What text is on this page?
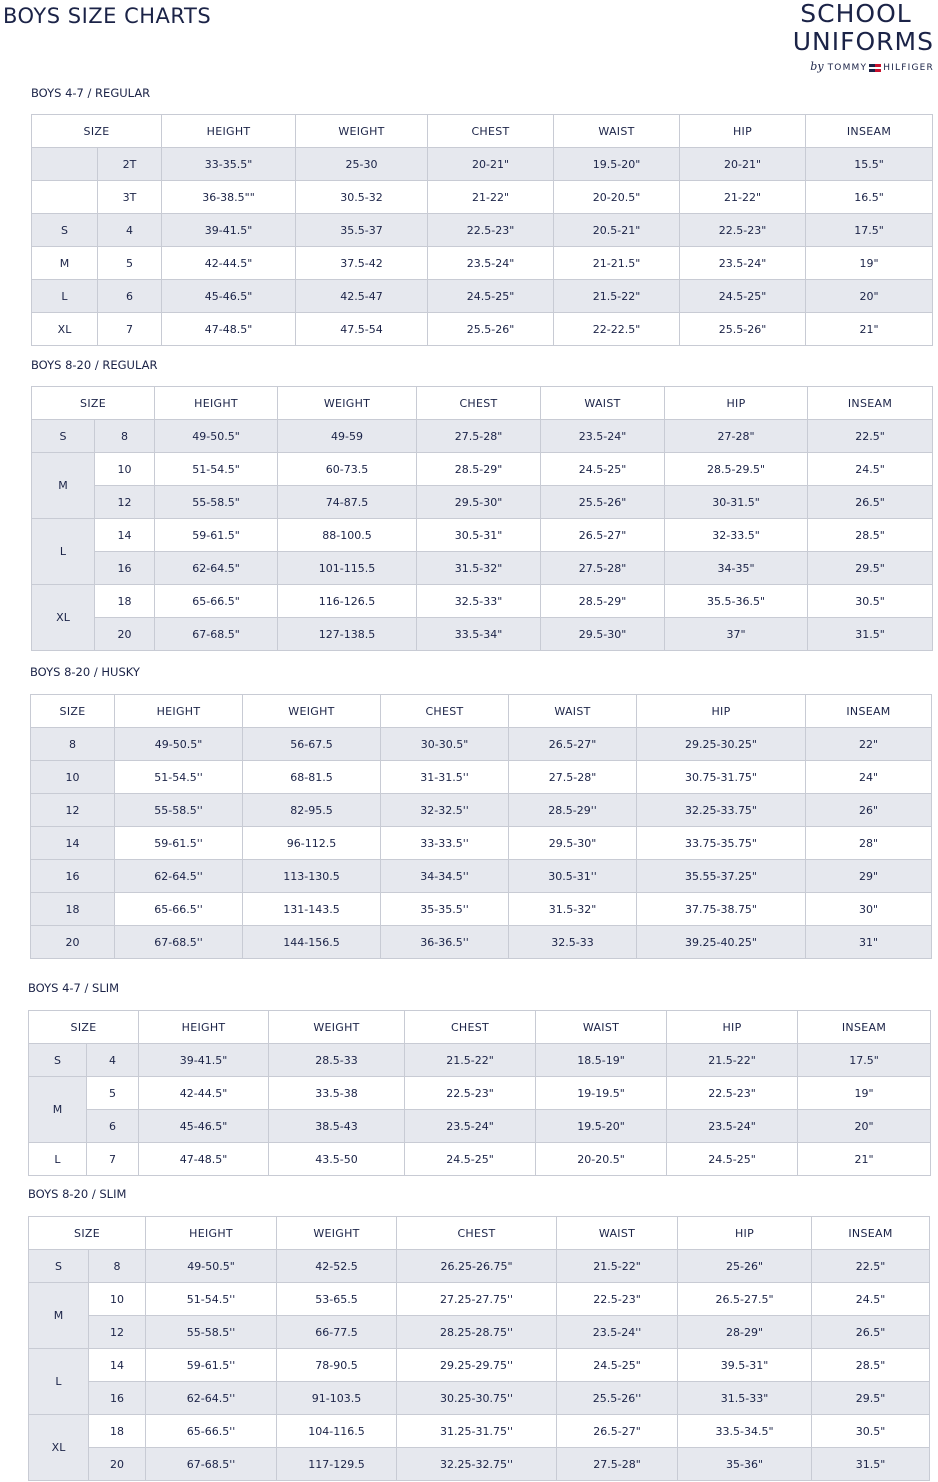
BOYS SIZE CHARTS	SCHOOL
UNIFORMS
by TOMMY HILFIGER
BOYS 4-7 / REGULAR
SIZE		HEIGHT	WEIGHT	CHEST	WAIST	HIP	INSEAM
	2T	33-35.5"	25-30	20-21"	19.5-20"	20-21"	15.5"
	3T	36-38.5""	30.5-32	21-22"	20-20.5"	21-22"	16.5"
S	4	39-41.5"	35.5-37	22.5-23"	20.5-21"	22.5-23"	17.5"
M	5	42-44.5"	37.5-42	23.5-24"	21-21.5"	23.5-24"	19"
L	6	45-46.5"	42.5-47	24.5-25"	21.5-22"	24.5-25"	20"
XL	7	47-48.5"	47.5-54	25.5-26"	22-22.5"	25.5-26"	21"
BOYS 8-20 / REGULAR
SIZE		HEIGHT	WEIGHT	CHEST	WAIST	HIP	INSEAM
S	8	49-50.5"	49-59	27.5-28"	23.5-24"	27-28"	22.5"
M	10	51-54.5"	60-73.5	28.5-29"	24.5-25"	28.5-29.5"	24.5"
	12	55-58.5"	74-87.5	29.5-30"	25.5-26"	30-31.5"	26.5"
L	14	59-61.5"	88-100.5	30.5-31"	26.5-27"	32-33.5"	28.5"
	16	62-64.5"	101-115.5	31.5-32"	27.5-28"	34-35"	29.5"
XL	18	65-66.5"	116-126.5	32.5-33"	28.5-29"	35.5-36.5"	30.5"
	20	67-68.5"	127-138.5	33.5-34"	29.5-30"	37"	31.5"
BOYS 8-20 / HUSKY
SIZE	HEIGHT	WEIGHT	CHEST	WAIST	HIP	INSEAM
8	49-50.5"	56-67.5	30-30.5"	26.5-27"	29.25-30.25"	22"
10	51-54.5''	68-81.5	31-31.5''	27.5-28"	30.75-31.75"	24"
12	55-58.5''	82-95.5	32-32.5''	28.5-29''	32.25-33.75"	26"
14	59-61.5''	96-112.5	33-33.5''	29.5-30"	33.75-35.75"	28"
16	62-64.5''	113-130.5	34-34.5''	30.5-31''	35.55-37.25"	29"
18	65-66.5''	131-143.5	35-35.5''	31.5-32"	37.75-38.75"	30"
20	67-68.5''	144-156.5	36-36.5''	32.5-33	39.25-40.25"	31"
BOYS 4-7 / SLIM
SIZE		HEIGHT	WEIGHT	CHEST	WAIST	HIP	INSEAM
S	4	39-41.5"	28.5-33	21.5-22"	18.5-19"	21.5-22"	17.5"
M	5	42-44.5"	33.5-38	22.5-23"	19-19.5"	22.5-23"	19"
	6	45-46.5"	38.5-43	23.5-24"	19.5-20"	23.5-24"	20"
L	7	47-48.5"	43.5-50	24.5-25"	20-20.5"	24.5-25"	21"
BOYS 8-20 / SLIM
SIZE		HEIGHT	WEIGHT	CHEST	WAIST	HIP	INSEAM
S	8	49-50.5"	42-52.5	26.25-26.75"	21.5-22"	25-26"	22.5"
M	10	51-54.5''	53-65.5	27.25-27.75''	22.5-23"	26.5-27.5"	24.5"
	12	55-58.5''	66-77.5	28.25-28.75''	23.5-24''	28-29"	26.5"
L	14	59-61.5''	78-90.5	29.25-29.75''	24.5-25"	39.5-31"	28.5"
	16	62-64.5''	91-103.5	30.25-30.75''	25.5-26''	31.5-33"	29.5"
XL	18	65-66.5''	104-116.5	31.25-31.75''	26.5-27"	33.5-34.5"	30.5"
	20	67-68.5''	117-129.5	32.25-32.75''	27.5-28"	35-36"	31.5"
